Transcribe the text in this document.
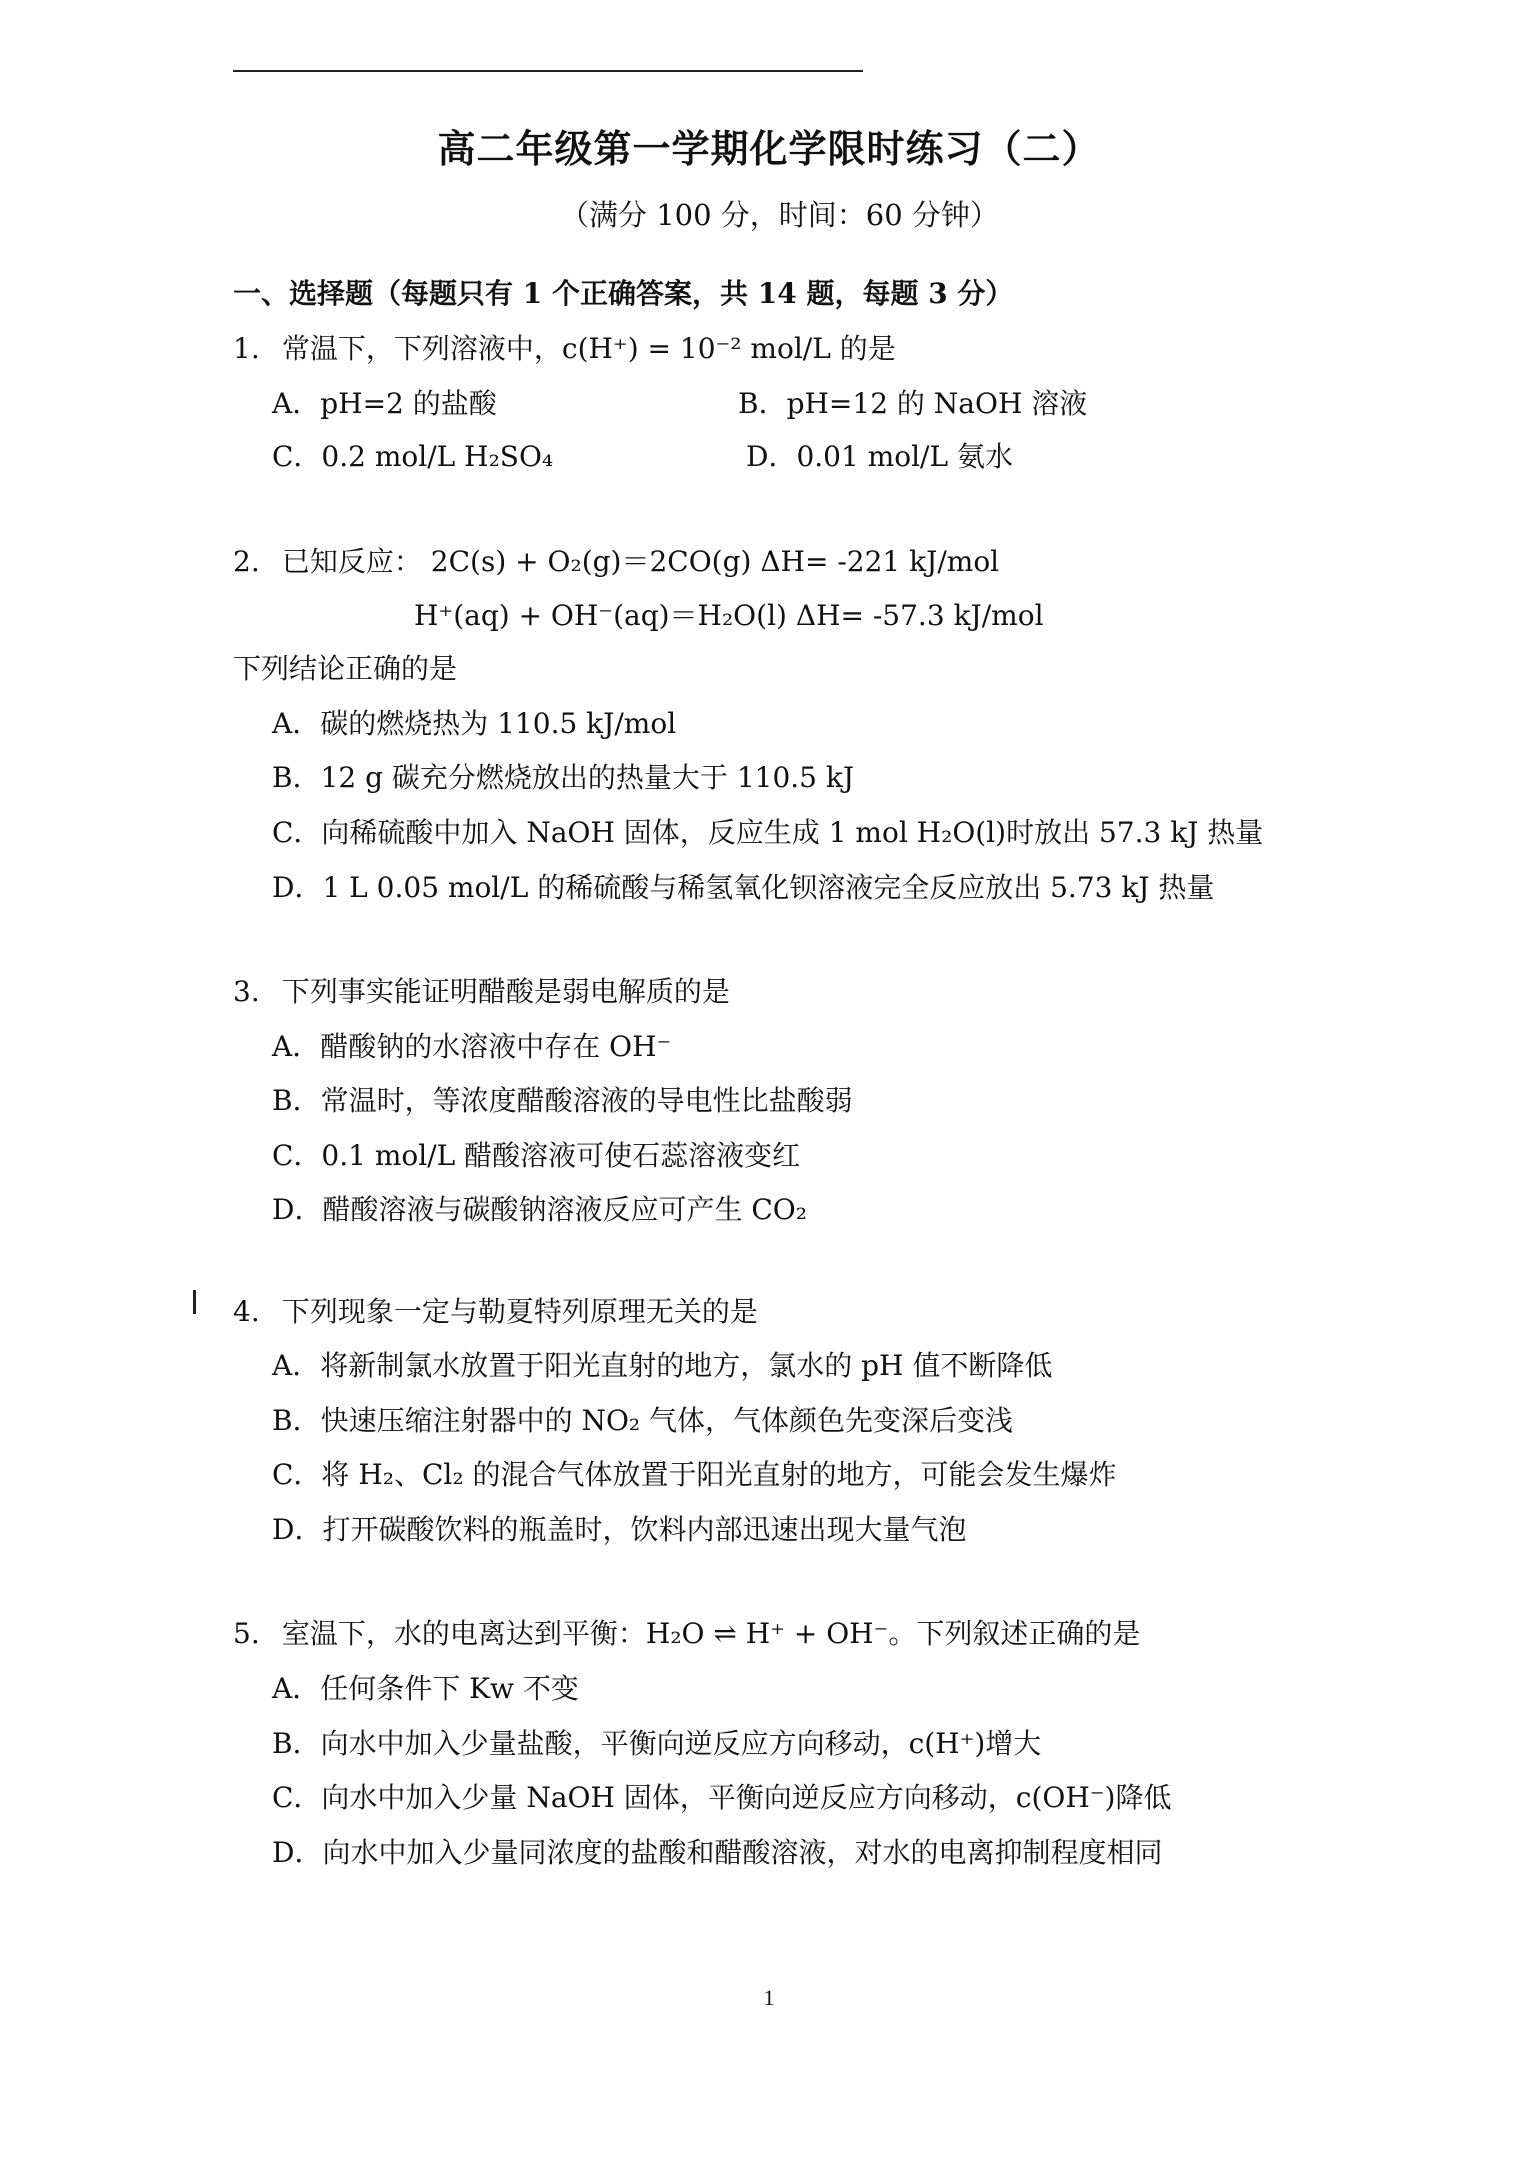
高二年级第一学期化学限时练习（二）
（满分 100 分，时间：60 分钟）
一、选择题（每题只有 1 个正确答案，共 14 题，每题 3 分）
1. 常温下，下列溶液中，c(H⁺) = 10⁻² mol/L 的是
A．pH=2 的盐酸	B．pH=12 的 NaOH 溶液
C．0.2 mol/L H₂SO₄	D．0.01 mol/L 氨水
2. 已知反应： 2C(s) + O₂(g)＝2CO(g) ΔH= -221 kJ/mol
H⁺(aq) + OH⁻(aq)＝H₂O(l) ΔH= -57.3 kJ/mol
下列结论正确的是
A．碳的燃烧热为 110.5 kJ/mol
B．12 g 碳充分燃烧放出的热量大于 110.5 kJ
C．向稀硫酸中加入 NaOH 固体，反应生成 1 mol H₂O(l)时放出 57.3 kJ 热量
D．1 L 0.05 mol/L 的稀硫酸与稀氢氧化钡溶液完全反应放出 5.73 kJ 热量
3. 下列事实能证明醋酸是弱电解质的是
A．醋酸钠的水溶液中存在 OH⁻
B．常温时，等浓度醋酸溶液的导电性比盐酸弱
C．0.1 mol/L 醋酸溶液可使石蕊溶液变红
D．醋酸溶液与碳酸钠溶液反应可产生 CO₂
4. 下列现象一定与勒夏特列原理无关的是
A．将新制氯水放置于阳光直射的地方，氯水的 pH 值不断降低
B．快速压缩注射器中的 NO₂ 气体，气体颜色先变深后变浅
C．将 H₂、Cl₂ 的混合气体放置于阳光直射的地方，可能会发生爆炸
D．打开碳酸饮料的瓶盖时，饮料内部迅速出现大量气泡
5. 室温下，水的电离达到平衡：H₂O ⇌ H⁺ + OH⁻。下列叙述正确的是
A．任何条件下 Kw 不变
B．向水中加入少量盐酸，平衡向逆反应方向移动，c(H⁺)增大
C．向水中加入少量 NaOH 固体，平衡向逆反应方向移动，c(OH⁻)降低
D．向水中加入少量同浓度的盐酸和醋酸溶液，对水的电离抑制程度相同
1
